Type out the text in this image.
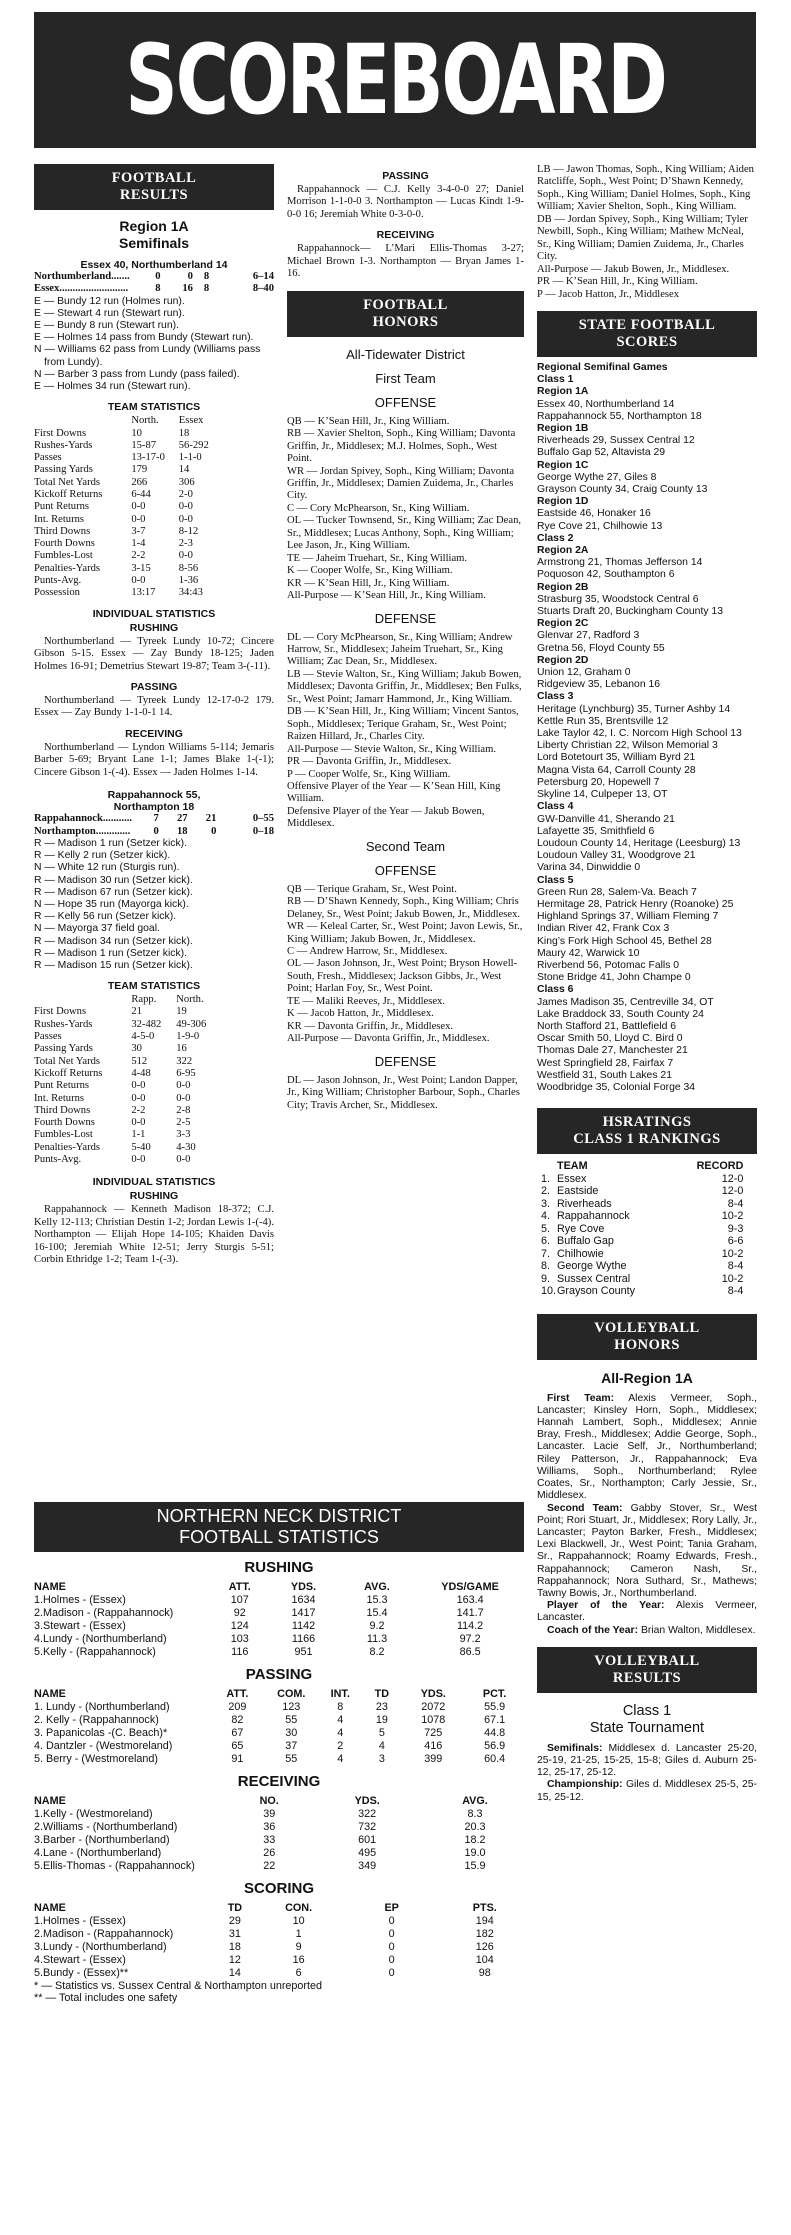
SCOREBOARD
FOOTBALL
RESULTS
Region 1A
Semifinals
Essex 40, Northumberland 14
Northumberland.......	0	0	8	6–14
Essex..........................	8	16	8	8–40
E — Bundy 12 run (Holmes run).
E — Stewart 4 run (Stewart run).
E — Bundy 8 run (Stewart run).
E — Holmes 14 pass from Bundy (Stewart run).
N — Williams 62 pass from Lundy (Williams pass from Lundy).
N — Barber 3 pass from Lundy (pass failed).
E — Holmes 34 run (Stewart run).
TEAM STATISTICS
	North.	Essex
First Downs	10	18
Rushes-Yards	15-87	56-292
Passes	13-17-0	1-1-0
Passing Yards	179	14
Total Net Yards	266	306
Kickoff Returns	6-44	2-0
Punt Returns	0-0	0-0
Int. Returns	0-0	0-0
Third Downs	3-7	8-12
Fourth Downs	1-4	2-3
Fumbles-Lost	2-2	0-0
Penalties-Yards	3-15	8-56
Punts-Avg.	0-0	1-36
Possession	13:17	34:43
INDIVIDUAL STATISTICS
RUSHING

Northumberland — Tyreek Lundy 10-72; Cincere Gibson 5-15. Essex — Zay Bundy 18-125; Jaden Holmes 16-91; Demetrius Stewart 19-87; Team 3-(-11).

PASSING

Northumberland — Tyreek Lundy 12-17-0-2 179. Essex — Zay Bundy 1-1-0-1 14.

RECEIVING

Northumberland — Lyndon Williams 5-114; Jemaris Barber 5-69; Bryant Lane 1-1; James Blake 1-(-1); Cincere Gibson 1-(-4). Essex — Jaden Holmes 1-14.

Rappahannock 55,
Northampton 18
Rappahannock...........	7	27	21	0–55
Northampton.............	0	18	0	0–18
R — Madison 1 run (Setzer kick).
R — Kelly 2 run (Setzer kick).
N — White 12 run (Sturgis run).
R — Madison 30 run (Setzer kick).
R — Madison 67 run (Setzer kick).
N — Hope 35 run (Mayorga kick).
R — Kelly 56 run (Setzer kick).
N — Mayorga 37 field goal.
R — Madison 34 run (Setzer kick).
R — Madison 1 run (Setzer kick).
R — Madison 15 run (Setzer kick).
TEAM STATISTICS
	Rapp.	North.
First Downs	21	19
Rushes-Yards	32-482	49-306
Passes	4-5-0	1-9-0
Passing Yards	30	16
Total Net Yards	512	322
Kickoff Returns	4-48	6-95
Punt Returns	0-0	0-0
Int. Returns	0-0	0-0
Third Downs	2-2	2-8
Fourth Downs	0-0	2-5
Fumbles-Lost	1-1	3-3
Penalties-Yards	5-40	4-30
Punts-Avg.	0-0	0-0
INDIVIDUAL STATISTICS
RUSHING

Rappahannock — Kenneth Madison 18-372; C.J. Kelly 12-113; Christian Destin 1-2; Jordan Lewis 1-(-4). Northampton — Elijah Hope 14-105; Khaiden Davis 16-100; Jeremiah White 12-51; Jerry Sturgis 5-51; Corbin Ethridge 1-2; Team 1-(-3).

PASSING

Rappahannock — C.J. Kelly 3-4-0-0 27; Daniel Morrison 1-1-0-0 3. Northampton — Lucas Kindt 1-9-0-0 16; Jeremiah White 0-3-0-0.

RECEIVING

Rappahannock— L’Mari Ellis-Thomas 3-27; Michael Brown 1-3. Northampton — Bryan James 1-16.

FOOTBALL
HONORS
All-Tidewater District
First Team
OFFENSE
QB — K’Sean Hill, Jr., King William.
RB — Xavier Shelton, Soph., King William; Davonta Griffin, Jr., Middlesex; M.J. Holmes, Soph., West Point.
WR — Jordan Spivey, Soph., King William; Davonta Griffin, Jr., Middlesex; Damien Zuidema, Jr., Charles City.
C — Cory McPhearson, Sr., King William.
OL — Tucker Townsend, Sr., King William; Zac Dean, Sr., Middlesex; Lucas Anthony, Soph., King William; Lee Jason, Jr., King William.
TE — Jaheim Truehart, Sr., King William.
K — Cooper Wolfe, Sr., King William.
KR — K’Sean Hill, Jr., King William.
All-Purpose — K’Sean Hill, Jr., King William.
DEFENSE
DL — Cory McPhearson, Sr., King William; Andrew Harrow, Sr., Middlesex; Jaheim Truehart, Sr., King William; Zac Dean, Sr., Middlesex.
LB — Stevie Walton, Sr., King William; Jakub Bowen, Middlesex; Davonta Griffin, Jr., Middlesex; Ben Fulks, Sr., West Point; Jamarr Hammond, Jr., King William.
DB — K’Sean Hill, Jr., King William; Vincent Santos, Soph., Middlesex; Terique Graham, Sr., West Point; Raizen Hillard, Jr., Charles City.
All-Purpose — Stevie Walton, Sr., King William.
PR — Davonta Griffin, Jr., Middlesex.
P — Cooper Wolfe, Sr., King William.
Offensive Player of the Year — K’Sean Hill, King William.
Defensive Player of the Year — Jakub Bowen, Middlesex.
Second Team
OFFENSE
QB — Terique Graham, Sr., West Point.
RB — D’Shawn Kennedy, Soph., King William; Chris Delaney, Sr., West Point; Jakub Bowen, Jr., Middlesex.
WR — Keleal Carter, Sr., West Point; Javon Lewis, Sr., King William; Jakub Bowen, Jr., Middlesex.
C — Andrew Harrow, Sr., Middlesex.
OL — Jason Johnson, Jr., West Point; Bryson Howell-South, Fresh., Middlesex; Jackson Gibbs, Jr., West Point; Harlan Foy, Sr., West Point.
TE — Maliki Reeves, Jr., Middlesex.
K — Jacob Hatton, Jr., Middlesex.
KR — Davonta Griffin, Jr., Middlesex.
All-Purpose — Davonta Griffin, Jr., Middlesex.
DEFENSE
DL — Jason Johnson, Jr., West Point; Landon Dapper, Jr., King William; Christopher Barbour, Soph., Charles City; Travis Archer, Sr., Middlesex.
LB — Jawon Thomas, Soph., King William; Aiden Ratcliffe, Soph., West Point; D’Shawn Kennedy, Soph., King William; Daniel Holmes, Soph., King William; Xavier Shelton, Soph., King William.
DB — Jordan Spivey, Soph., King William; Tyler Newbill, Soph., King William; Mathew McNeal, Sr., King William; Damien Zuidema, Jr., Charles City.
All-Purpose — Jakub Bowen, Jr., Middlesex.
PR — K’Sean Hill, Jr., King William.
P — Jacob Hatton, Jr., Middlesex
STATE FOOTBALL
SCORES
Regional Semifinal Games
Class 1
Region 1A
Essex 40, Northumberland 14
Rappahannock 55, Northampton 18
Region 1B
Riverheads 29, Sussex Central 12
Buffalo Gap 52, Altavista 29
Region 1C
George Wythe 27, Giles 8
Grayson County 34, Craig County 13
Region 1D
Eastside 46, Honaker 16
Rye Cove 21, Chilhowie 13
Class 2
Region 2A
Armstrong 21, Thomas Jefferson 14
Poquoson 42, Southampton 6
Region 2B
Strasburg 35, Woodstock Central 6
Stuarts Draft 20, Buckingham County 13
Region 2C
Glenvar 27, Radford 3
Gretna 56, Floyd County 55
Region 2D
Union 12, Graham 0
Ridgeview 35, Lebanon 16
Class 3
Heritage (Lynchburg) 35, Turner Ashby 14
Kettle Run 35, Brentsville 12
Lake Taylor 42, I. C. Norcom High School 13
Liberty Christian 22, Wilson Memorial 3
Lord Botetourt 35, William Byrd 21
Magna Vista 64, Carroll County 28
Petersburg 20, Hopewell 7
Skyline 14, Culpeper 13, OT
Class 4
GW-Danville 41, Sherando 21
Lafayette 35, Smithfield 6
Loudoun County 14, Heritage (Leesburg) 13
Loudoun Valley 31, Woodgrove 21
Varina 34, Dinwiddie 0
Class 5
Green Run 28, Salem-Va. Beach 7
Hermitage 28, Patrick Henry (Roanoke) 25
Highland Springs 37, William Fleming 7
Indian River 42, Frank Cox 3
King’s Fork High School 45, Bethel 28
Maury 42, Warwick 10
Riverbend 56, Potomac Falls 0
Stone Bridge 41, John Champe 0
Class 6
James Madison 35, Centreville 34, OT
Lake Braddock 33, South County 24
North Stafford 21, Battlefield 6
Oscar Smith 50, Lloyd C. Bird 0
Thomas Dale 27, Manchester 21
West Springfield 28, Fairfax 7
Westfield 31, South Lakes 21
Woodbridge 35, Colonial Forge 34
HSRATINGS
CLASS 1 RANKINGS
	TEAM	RECORD
1.	Essex	12-0
2.	Eastside	12-0
3.	Riverheads	8-4
4.	Rappahannock	10-2
5.	Rye Cove	9-3
6.	Buffalo Gap	6-6
7.	Chilhowie	10-2
8.	George Wythe	8-4
9.	Sussex Central	10-2
10.	Grayson County	8-4
VOLLEYBALL
HONORS
All-Region 1A

First Team: Alexis Vermeer, Soph., Lancaster; Kinsley Horn, Soph., Middlesex; Hannah Lambert, Soph., Middlesex; Annie Bray, Fresh., Middlesex; Addie George, Soph., Lancaster. Lacie Self, Jr., Northumberland; Riley Patterson, Jr., Rappahannock; Eva Williams, Soph., Northumberland; Rylee Coates, Sr., Northampton; Carly Jessie, Sr., Middlesex.

Second Team: Gabby Stover, Sr., West Point; Rori Stuart, Jr., Middlesex; Rory Lally, Jr., Lancaster; Payton Barker, Fresh., Middlesex; Lexi Blackwell, Jr., West Point; Tania Graham, Sr., Rappahannock; Roamy Edwards, Fresh., Rappahannock; Cameron Nash, Sr., Rappahannock; Nora Suthard, Sr., Mathews; Tawny Bowis, Jr., Northumberland.

Player of the Year: Alexis Vermeer, Lancaster.

Coach of the Year: Brian Walton, Middlesex.

VOLLEYBALL
RESULTS
Class 1
State Tournament

Semifinals: Middlesex d. Lancaster 25-20, 25-19, 21-25, 15-25, 15-8; Giles d. Auburn 25-12, 25-17, 25-12.

Championship: Giles d. Middlesex 25-5, 25-15, 25-12.

NORTHERN NECK DISTRICT
FOOTBALL STATISTICS
RUSHING
NAME	ATT.	YDS.	AVG.	YDS/GAME
1.Holmes - (Essex)	107	1634	15.3	163.4
2.Madison - (Rappahannock)	92	1417	15.4	141.7
3.Stewart - (Essex)	124	1142	9.2	114.2
4.Lundy - (Northumberland)	103	1166	11.3	97.2
5.Kelly - (Rappahannock)	116	951	8.2	86.5
PASSING
NAME	ATT.	COM.	INT.	TD	YDS.	PCT.
1. Lundy - (Northumberland)	209	123	8	23	2072	55.9
2. Kelly - (Rappahannock)	82	55	4	19	1078	67.1
3. Papanicolas -(C. Beach)*	67	30	4	5	725	44.8
4. Dantzler - (Westmoreland)	65	37	2	4	416	56.9
5. Berry - (Westmoreland)	91	55	4	3	399	60.4
RECEIVING
NAME	NO.	YDS.	AVG.
1.Kelly - (Westmoreland)	39	322	8.3
2.Williams - (Northumberland)	36	732	20.3
3.Barber - (Northumberland)	33	601	18.2
4.Lane - (Northumberland)	26	495	19.0
5.Ellis-Thomas - (Rappahannock)	22	349	15.9
SCORING
NAME	TD	CON.	EP	PTS.
1.Holmes - (Essex)	29	10	0	194
2.Madison - (Rappahannock)	31	1	0	182
3.Lundy - (Northumberland)	18	9	0	126
4.Stewart - (Essex)	12	16	0	104
5.Bundy - (Essex)**	14	6	0	98
* — Statistics vs. Sussex Central & Northampton unreported
** — Total includes one safety
